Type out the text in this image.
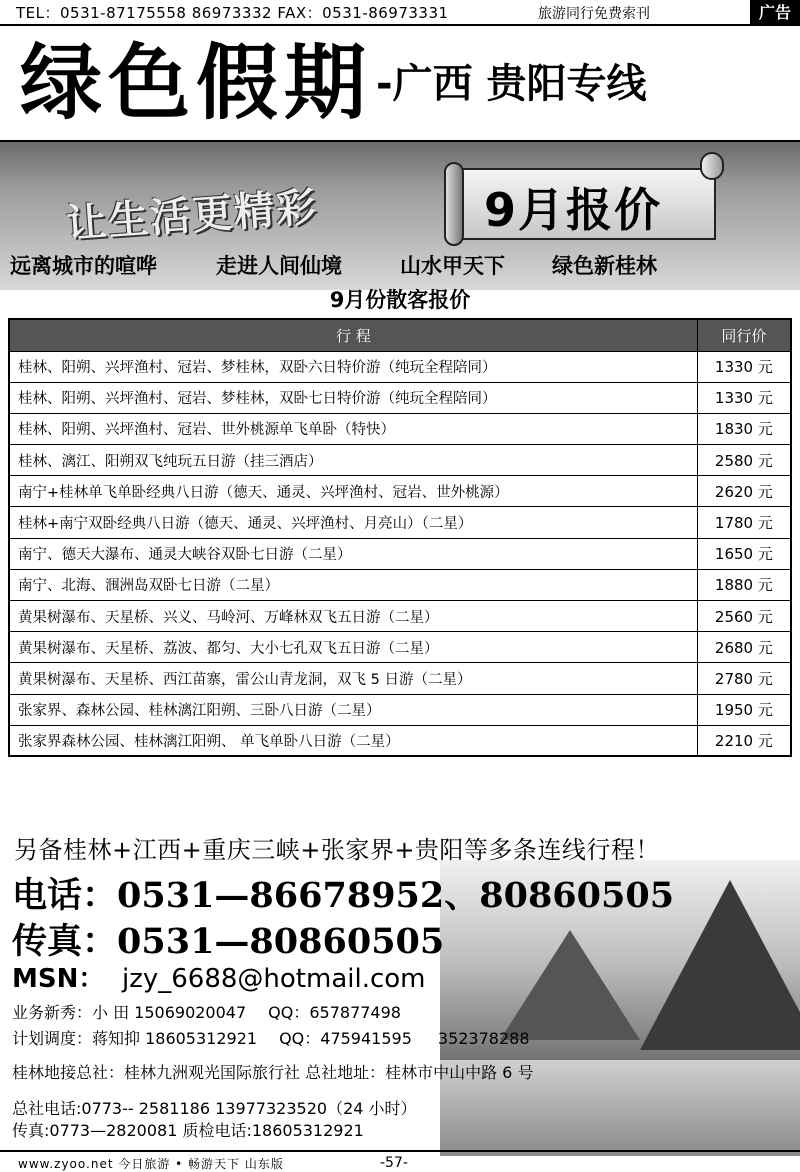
TEL：0531-87175558 86973332 FAX：0531-86973331	旅游同行免费索刊	广告
绿色假期 -广西 贵阳专线
让生活更精彩	9月报价
远离城市的喧哗	走进人间仙境	山水甲天下 绿色新桂林
9月份散客报价
行 程	同行价
桂林、阳朔、兴坪渔村、冠岩、梦桂林，双卧六日特价游（纯玩全程陪同）	1330 元
桂林、阳朔、兴坪渔村、冠岩、梦桂林，双卧七日特价游（纯玩全程陪同）	1330 元
桂林、阳朔、兴坪渔村、冠岩、世外桃源单飞单卧（特快）	1830 元
桂林、漓江、阳朔双飞纯玩五日游（挂三酒店）	2580 元
南宁+桂林单飞单卧经典八日游（德天、通灵、兴坪渔村、冠岩、世外桃源）	2620 元
桂林+南宁双卧经典八日游（德天、通灵、兴坪渔村、月亮山）（二星）	1780 元
南宁、德天大瀑布、通灵大峡谷双卧七日游（二星）	1650 元
南宁、北海、涠洲岛双卧七日游（二星）	1880 元
黄果树瀑布、天星桥、兴义、马岭河、万峰林双飞五日游（二星）	2560 元
黄果树瀑布、天星桥、荔波、都匀、大小七孔双飞五日游（二星）	2680 元
黄果树瀑布、天星桥、西江苗寨，雷公山青龙洞，双飞 5 日游（二星）	2780 元
张家界、森林公园、桂林漓江阳朔、三卧八日游（二星）	1950 元
张家界森林公园、桂林漓江阳朔、 单飞单卧八日游（二星）	2210 元
另备桂林+江西+重庆三峡+张家界+贵阳等多条连线行程！
电话：0531—86678952、80860505
传真：0531—80860505
MSN： jzy_6688@hotmail.com
业务新秀：小 田 15069020047 QQ：657877498
计划调度：蒋知抑 18605312921 QQ：475941595 352378288
桂林地接总社：桂林九洲观光国际旅行社 总社地址：桂林市中山中路 6 号
总社电话:0773-- 2581186 13977323520（24 小时）
传真:0773—2820081 质检电话:18605312921
www.zyoo.net 今日旅游 • 畅游天下 山东版	-57-
